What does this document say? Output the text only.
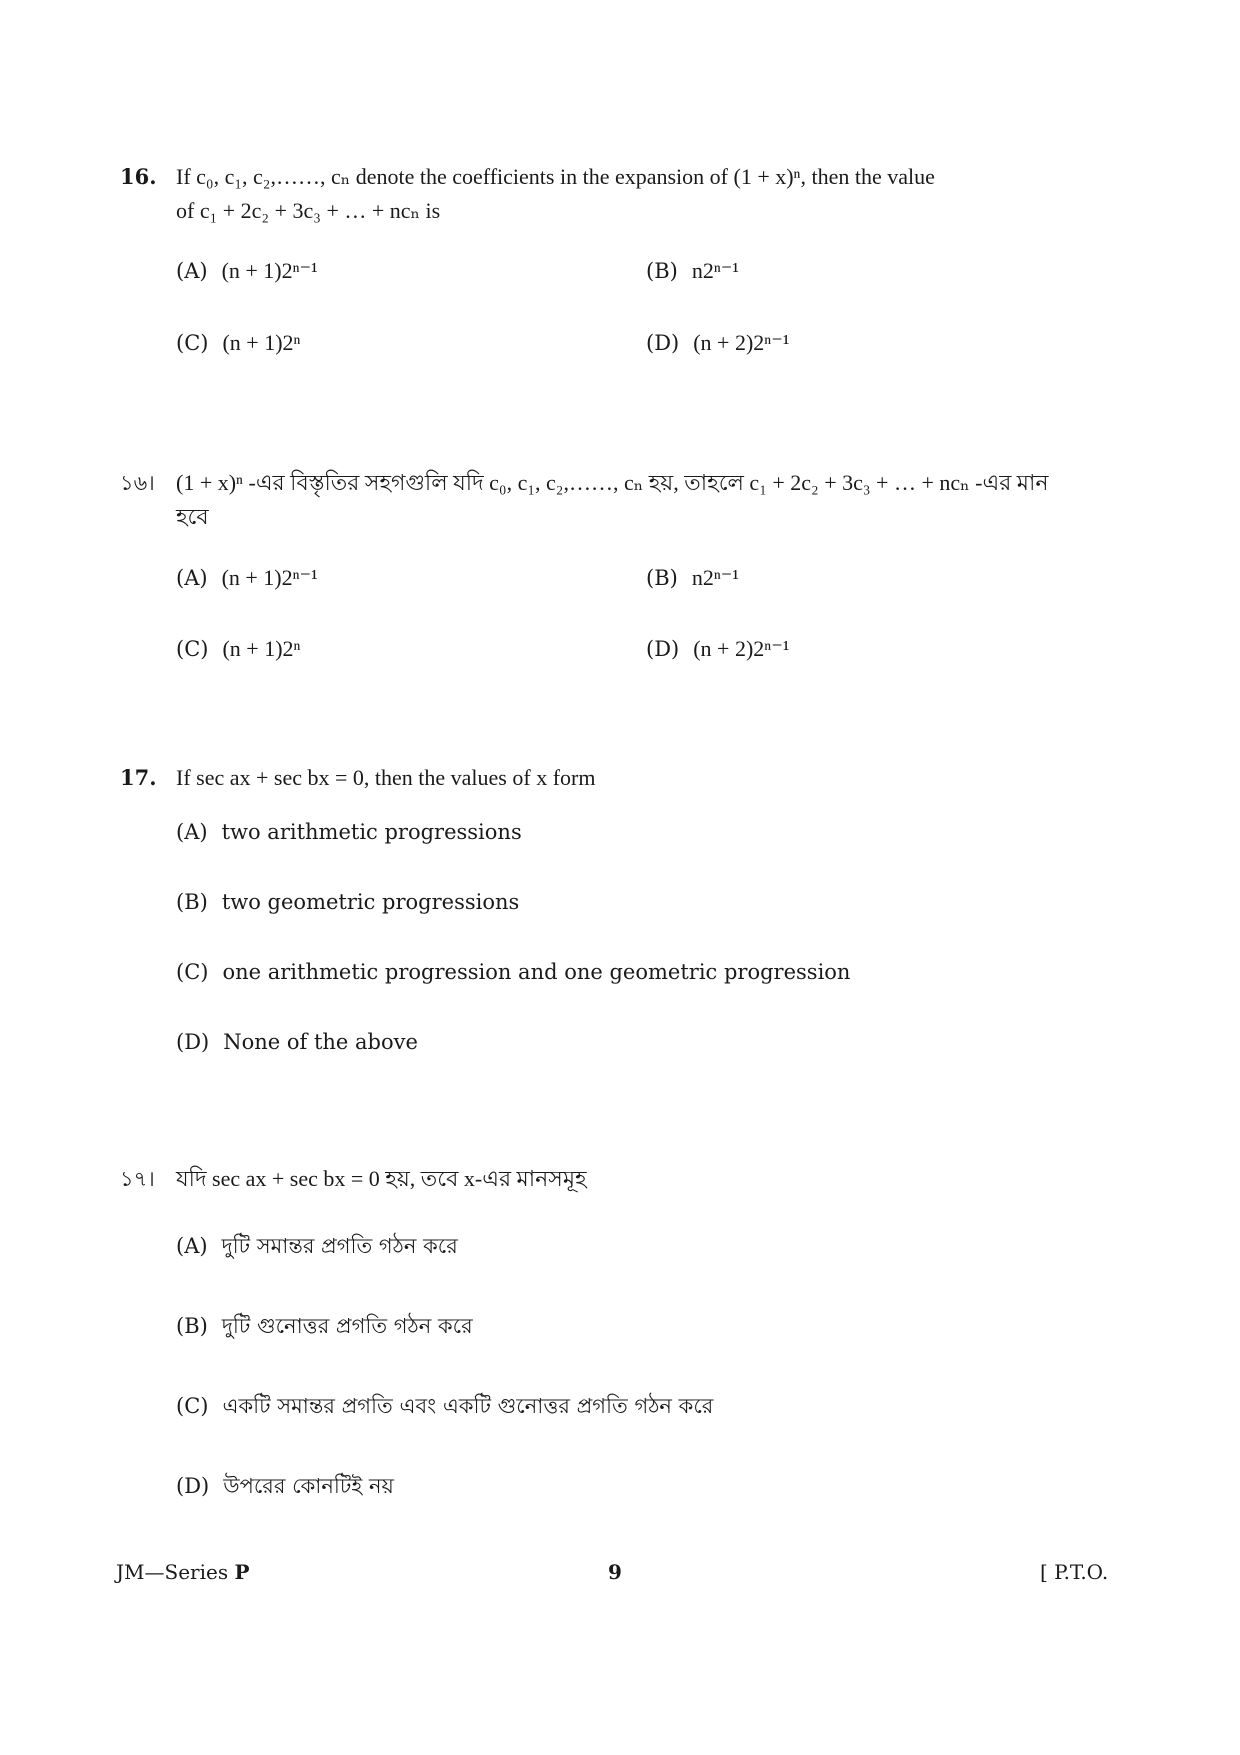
16. If c₀, c₁, c₂,……, cₙ denote the coefficients in the expansion of (1 + x)ⁿ, then the value
of c₁ + 2c₂ + 3c₃ + … + ncₙ is
(A) (n + 1)2ⁿ⁻¹	(B) n2ⁿ⁻¹
(C) (n + 1)2ⁿ	(D) (n + 2)2ⁿ⁻¹
১৬। (1 + x)ⁿ -এর বিস্তৃতির সহগগুলি যদি c₀, c₁, c₂,……, cₙ হয়, তাহলে c₁ + 2c₂ + 3c₃ + … + ncₙ -এর মান
হবে
(A) (n + 1)2ⁿ⁻¹	(B) n2ⁿ⁻¹
(C) (n + 1)2ⁿ	(D) (n + 2)2ⁿ⁻¹
17. If sec ax + sec bx = 0, then the values of x form
(A) two arithmetic progressions
(B) two geometric progressions
(C) one arithmetic progression and one geometric progression
(D) None of the above
১৭। যদি sec ax + sec bx = 0 হয়, তবে x-এর মানসমূহ
(A) দুটি সমান্তর প্রগতি গঠন করে
(B) দুটি গুনোত্তর প্রগতি গঠন করে
(C) একটি সমান্তর প্রগতি এবং একটি গুনোত্তর প্রগতি গঠন করে
(D) উপরের কোনটিই নয়
JM—Series P	9	[ P.T.O.
